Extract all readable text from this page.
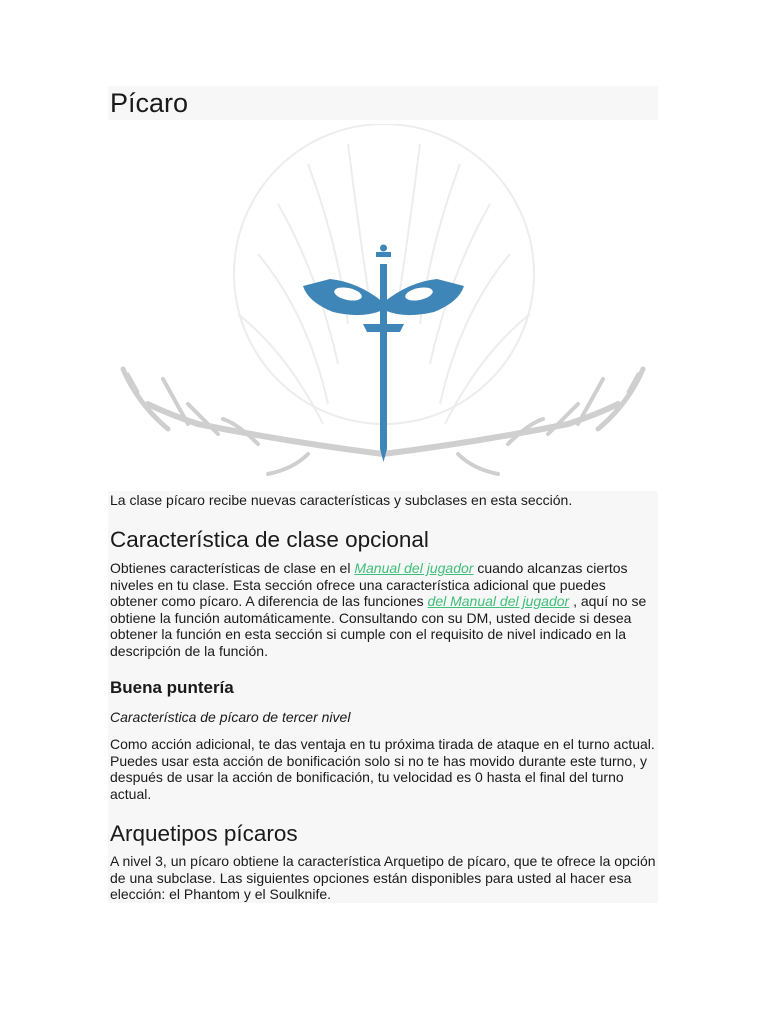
Pícaro

La clase pícaro recibe nuevas características y subclases en esta sección.

Característica de clase opcional

Obtienes características de clase en el Manual del jugador cuando alcanzas ciertos niveles en tu clase. Esta sección ofrece una característica adicional que puedes obtener como pícaro. A diferencia de las funciones del Manual del jugador , aquí no se obtiene la función automáticamente. Consultando con su DM, usted decide si desea obtener la función en esta sección si cumple con el requisito de nivel indicado en la descripción de la función.

Buena puntería

Característica de pícaro de tercer nivel

Como acción adicional, te das ventaja en tu próxima tirada de ataque en el turno actual. Puedes usar esta acción de bonificación solo si no te has movido durante este turno, y después de usar la acción de bonificación, tu velocidad es 0 hasta el final del turno actual.

Arquetipos pícaros

A nivel 3, un pícaro obtiene la característica Arquetipo de pícaro, que te ofrece la opción de una subclase. Las siguientes opciones están disponibles para usted al hacer esa elección: el Phantom y el Soulknife.
